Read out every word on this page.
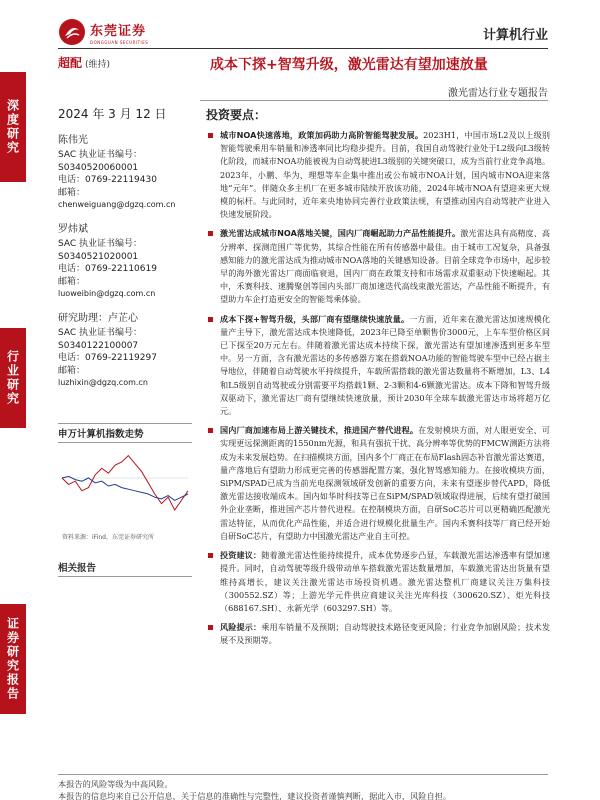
东莞证券
DONGGUAN SECURITIES	计算机行业
深度研究
行业研究
证券研究报告
超配 (维持)	成本下探+智驾升级，激光雷达有望加速放量
激光雷达行业专题报告
2024 年 3 月 12 日
陈伟光
SAC 执业证书编号：
S0340520060001
电话：0769-22119430
邮箱：
chenweiguang@dgzq.com.cn
罗炜斌
SAC 执业证书编号：
S0340521020001
电话：0769-22110619
邮箱：
luoweibin@dgzq.com.cn
研究助理：卢芷心
SAC 执业证书编号：
S0340122100007
电话：0769-22119297
邮箱：
luzhixin@dgzq.com.cn
申万计算机指数走势
资料来源：iFind，东莞证券研究所
相关报告
投资要点：

城市NOA快速落地，政策加码助力高阶智能驾驶发展。2023H1，中国市场L2及以上级别智能驾驶乘用车销量和渗透率同比均稳步提升。目前，我国自动驾驶行业处于L2级向L3级转化阶段，而城市NOA功能被视为自动驾驶进L3级别的关键突破口，成为当前行业竞争高地。2023年，小鹏、华为、理想等车企集中推出或公布城市NOA计划，国内城市NOA迎来落地“元年”。伴随众多主机厂在更多城市陆续开放该功能，2024年城市NOA有望迎来更大规模的标杆。与此同时，近年来央地协同完善行业政策法规，有望推动国内自动驾驶产业进入快速发展阶段。

激光雷达成城市NOA落地关键，国内厂商崛起助力产品性能提升。激光雷达具有高精度、高分辨率、探测范围广等优势，其综合性能在所有传感器中最佳。由于城市工况复杂，具备强感知能力的激光雷达成为推动城市NOA落地的关键感知设备。目前全球竞争市场中，起步较早的海外激光雷达厂商面临衰退，国内厂商在政策支持和市场需求双重驱动下快速崛起。其中，禾赛科技、速腾聚创等国内头部厂商加速迭代高线束激光雷达，产品性能不断提升，有望助力车企打造更安全的智能驾乘体验。

成本下探+智驾升级，头部厂商有望继续快速放量。一方面，近年来在激光雷达加速规模化量产主导下，激光雷达成本快速降低，2023年已降至单颗售价3000元，上车车型价格区间已下探至20万元左右。伴随着激光雷达成本持续下探，激光雷达有望加速渗透到更多车型中。另一方面，含有激光雷达的多传感器方案在搭载NOA功能的智能驾驶车型中已经占据主导地位，伴随着自动驾驶水平持续提升，车载所需搭载的激光雷达数量将不断增加，L3、L4和L5级别自动驾驶或分别需要平均搭载1颗、2-3颗和4-6颗激光雷达。成本下降和智驾升级双驱动下，激光雷达厂商有望继续快速放量，预计2030年全球车载激光雷达市场将超万亿元。

国内厂商加速布局上游关键技术，推进国产替代进程。在发射模块方面，对人眼更安全、可实现更远探测距离的1550nm光源，和具有强抗干扰、高分辨率等优势的FMCW测距方法将成为未来发展趋势。在扫描模块方面，国内多个厂商正在布局Flash固态补盲激光雷达赛道，量产落地后有望助力形成更完善的传感器配置方案，强化智驾感知能力。在接收模块方面，SiPM/SPAD已成为当前光电探测领域研发创新的重要方向，未来有望逐步替代APD，降低激光雷达接收端成本。国内如华时科技等已在SiPM/SPAD领域取得进展，后续有望打破国外企业垄断，推进国产芯片替代进程。在控制模块方面，自研SoC芯片可以更精确匹配激光雷达特征，从而优化产品性能，并适合进行规模化批量生产。国内禾赛科技等厂商已经开始自研SoC芯片，有望助力中国激光雷达产业自主可控。

投资建议：随着激光雷达性能持续提升，成本优势逐步凸显，车载激光雷达渗透率有望加速提升。同时，自动驾驶等级升级带动单车搭载激光雷达数量增加，车载激光雷达出货量有望维持高增长，建议关注激光雷达市场投资机遇。激光雷达整机厂商建议关注万集科技（300552.SZ）等；上游光学元件供应商建议关注光库科技（300620.SZ）、炬光科技（688167.SH）、永新光学（603297.SH）等。

风险提示：乘用车销量不及预期；自动驾驶技术路径变更风险；行业竞争加剧风险；技术发展不及预期等。

本报告的风险等级为中高风险。
本报告的信息均来自已公开信息，关于信息的准确性与完整性，建议投资者谨慎判断，据此入市，风险自担。
